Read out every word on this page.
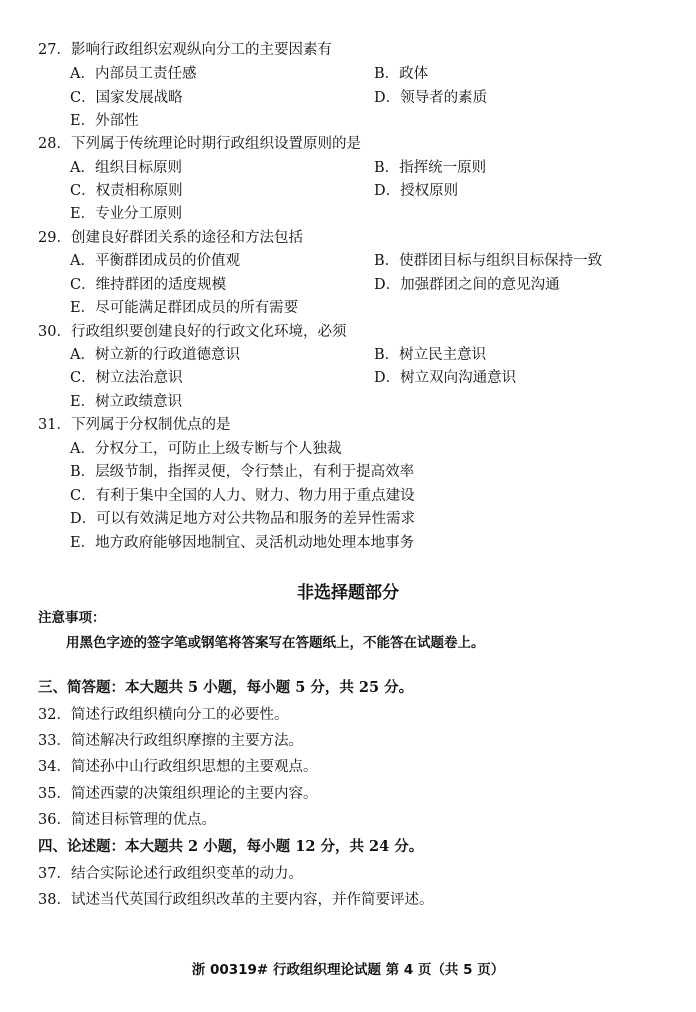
27．影响行政组织宏观纵向分工的主要因素有
A．内部员工责任感	B．政体
C．国家发展战略	D．领导者的素质
E．外部性
28．下列属于传统理论时期行政组织设置原则的是
A．组织目标原则	B．指挥统一原则
C．权责相称原则	D．授权原则
E．专业分工原则
29．创建良好群团关系的途径和方法包括
A．平衡群团成员的价值观	B．使群团目标与组织目标保持一致
C．维持群团的适度规模	D．加强群团之间的意见沟通
E．尽可能满足群团成员的所有需要
30．行政组织要创建良好的行政文化环境，必须
A．树立新的行政道德意识	B．树立民主意识
C．树立法治意识	D．树立双向沟通意识
E．树立政绩意识
31．下列属于分权制优点的是
A．分权分工，可防止上级专断与个人独裁
B．层级节制，指挥灵便，令行禁止，有利于提高效率
C．有利于集中全国的人力、财力、物力用于重点建设
D．可以有效满足地方对公共物品和服务的差异性需求
E．地方政府能够因地制宜、灵活机动地处理本地事务
非选择题部分
注意事项：
用黑色字迹的签字笔或钢笔将答案写在答题纸上，不能答在试题卷上。
三、简答题：本大题共 5 小题，每小题 5 分，共 25 分。
32．简述行政组织横向分工的必要性。
33．简述解决行政组织摩擦的主要方法。
34．简述孙中山行政组织思想的主要观点。
35．简述西蒙的决策组织理论的主要内容。
36．简述目标管理的优点。
四、论述题：本大题共 2 小题，每小题 12 分，共 24 分。
37．结合实际论述行政组织变革的动力。
38．试述当代英国行政组织改革的主要内容，并作简要评述。
浙 00319# 行政组织理论试题 第 4 页（共 5 页）
